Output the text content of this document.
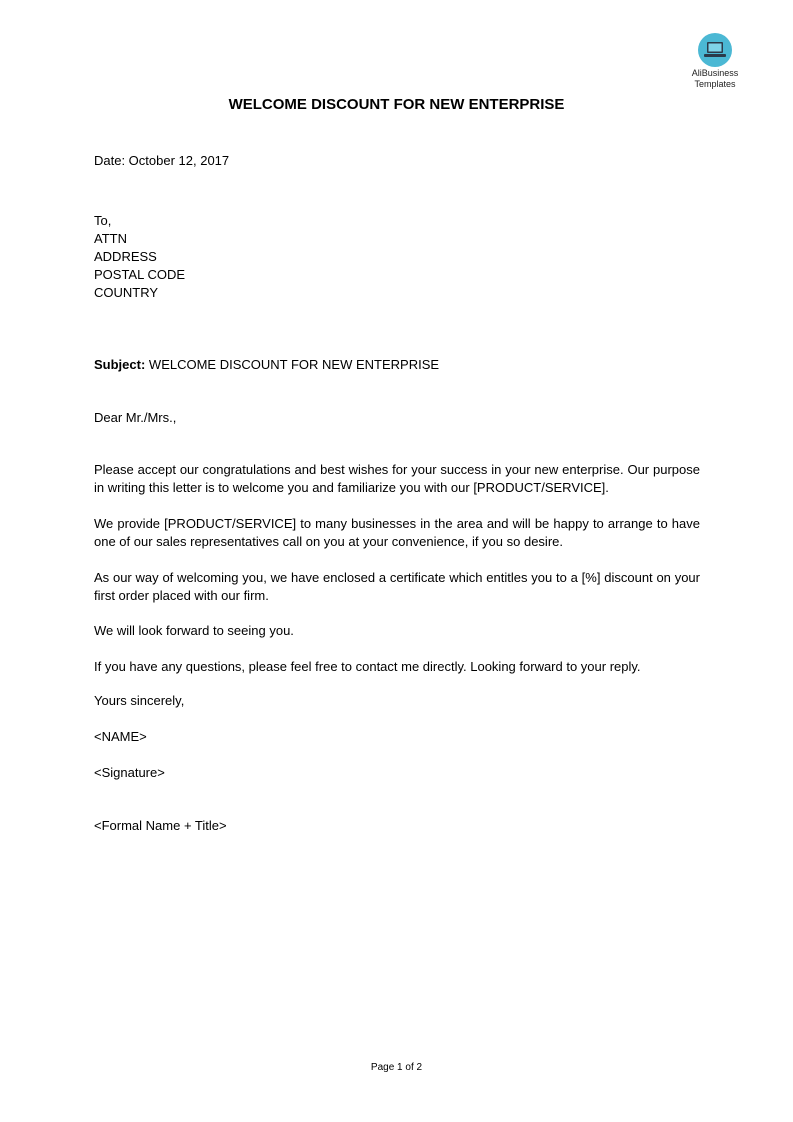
AliBusiness
Templates
WELCOME DISCOUNT FOR NEW ENTERPRISE
Date: October 12, 2017
To,
ATTN
ADDRESS
POSTAL CODE
COUNTRY
Subject: WELCOME DISCOUNT FOR NEW ENTERPRISE
Dear Mr./Mrs.,
Please accept our congratulations and best wishes for your success in your new enterprise. Our purpose in writing this letter is to welcome you and familiarize you with our [PRODUCT/SERVICE].
We provide [PRODUCT/SERVICE] to many businesses in the area and will be happy to arrange to have one of our sales representatives call on you at your convenience, if you so desire.
As our way of welcoming you, we have enclosed a certificate which entitles you to a [%] discount on your first order placed with our firm.
We will look forward to seeing you.
If you have any questions, please feel free to contact me directly. Looking forward to your reply.
Yours sincerely,
<NAME>
<Signature>
<Formal Name + Title>
Page 1 of 2
